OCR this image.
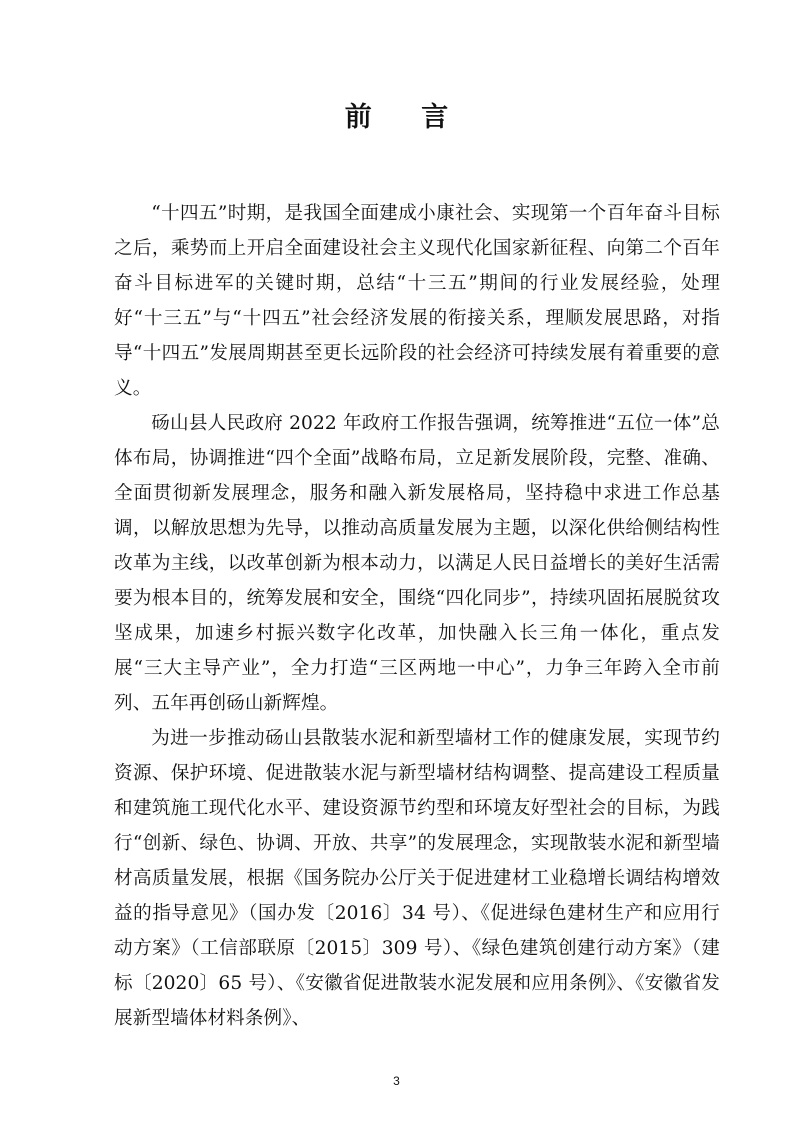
前 言

“十四五”时期，是我国全面建成小康社会、实现第一个百年奋斗目标之后，乘势而上开启全面建设社会主义现代化国家新征程、向第二个百年奋斗目标进军的关键时期，总结“十三五”期间的行业发展经验，处理好“十三五”与“十四五”社会经济发展的衔接关系，理顺发展思路，对指导“十四五”发展周期甚至更长远阶段的社会经济可持续发展有着重要的意义。

砀山县人民政府 2022 年政府工作报告强调，统筹推进“五位一体”总体布局，协调推进“四个全面”战略布局，立足新发展阶段，完整、准确、全面贯彻新发展理念，服务和融入新发展格局，坚持稳中求进工作总基调，以解放思想为先导，以推动高质量发展为主题，以深化供给侧结构性改革为主线，以改革创新为根本动力，以满足人民日益增长的美好生活需要为根本目的，统筹发展和安全，围绕“四化同步”，持续巩固拓展脱贫攻坚成果，加速乡村振兴数字化改革，加快融入长三角一体化，重点发展“三大主导产业”，全力打造“三区两地一中心”，力争三年跨入全市前列、五年再创砀山新辉煌。

为进一步推动砀山县散装水泥和新型墙材工作的健康发展，实现节约资源、保护环境、促进散装水泥与新型墙材结构调整、提高建设工程质量和建筑施工现代化水平、建设资源节约型和环境友好型社会的目标，为践行“创新、绿色、协调、开放、共享”的发展理念，实现散装水泥和新型墙材高质量发展，根据《国务院办公厅关于促进建材工业稳增长调结构增效益的指导意见》（国办发〔2016〕34 号）、《促进绿色建材生产和应用行动方案》（工信部联原〔2015〕309 号）、《绿色建筑创建行动方案》（建标〔2020〕65 号）、《安徽省促进散装水泥发展和应用条例》、《安徽省发展新型墙体材料条例》、

3
